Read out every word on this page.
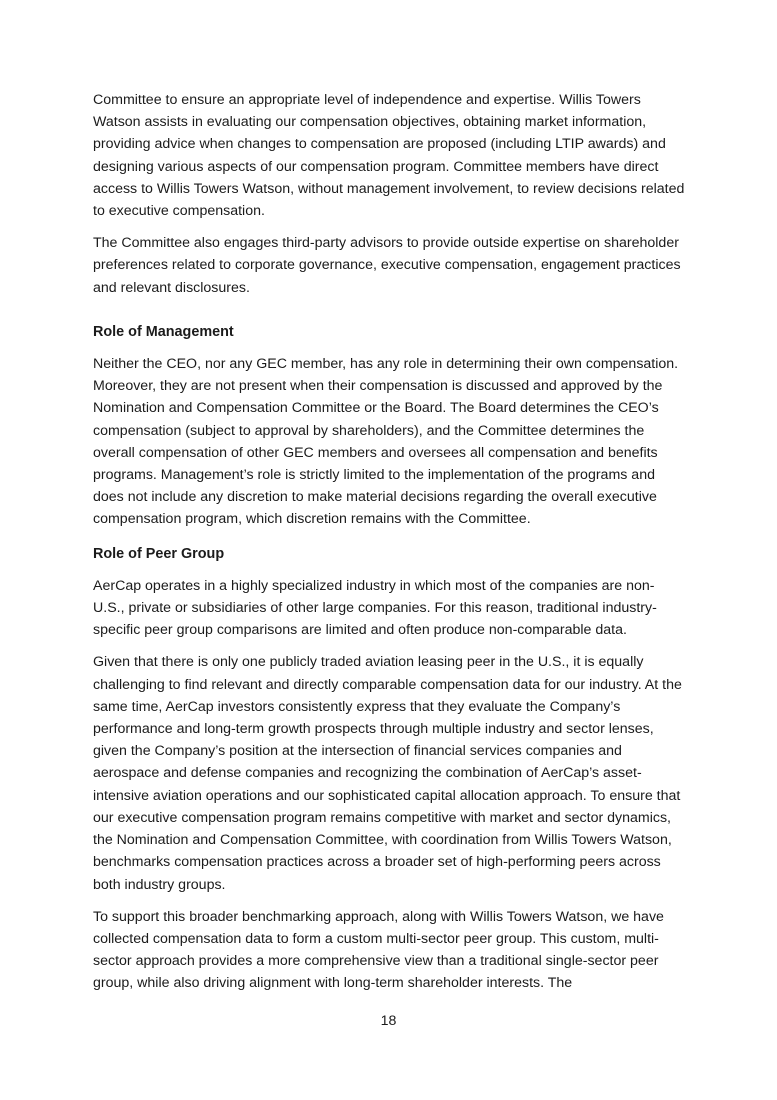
Committee to ensure an appropriate level of independence and expertise. Willis Towers Watson assists in evaluating our compensation objectives, obtaining market information, providing advice when changes to compensation are proposed (including LTIP awards) and designing various aspects of our compensation program. Committee members have direct access to Willis Towers Watson, without management involvement, to review decisions related to executive compensation.

The Committee also engages third-party advisors to provide outside expertise on shareholder preferences related to corporate governance, executive compensation, engagement practices and relevant disclosures.

Role of Management

Neither the CEO, nor any GEC member, has any role in determining their own compensation. Moreover, they are not present when their compensation is discussed and approved by the Nomination and Compensation Committee or the Board. The Board determines the CEO’s compensation (subject to approval by shareholders), and the Committee determines the overall compensation of other GEC members and oversees all compensation and benefits programs. Management’s role is strictly limited to the implementation of the programs and does not include any discretion to make material decisions regarding the overall executive compensation program, which discretion remains with the Committee.

Role of Peer Group

AerCap operates in a highly specialized industry in which most of the companies are non-U.S., private or subsidiaries of other large companies. For this reason, traditional industry-specific peer group comparisons are limited and often produce non-comparable data.

Given that there is only one publicly traded aviation leasing peer in the U.S., it is equally challenging to find relevant and directly comparable compensation data for our industry. At the same time, AerCap investors consistently express that they evaluate the Company’s performance and long-term growth prospects through multiple industry and sector lenses, given the Company’s position at the intersection of financial services companies and aerospace and defense companies and recognizing the combination of AerCap’s asset-intensive aviation operations and our sophisticated capital allocation approach. To ensure that our executive compensation program remains competitive with market and sector dynamics, the Nomination and Compensation Committee, with coordination from Willis Towers Watson, benchmarks compensation practices across a broader set of high-performing peers across both industry groups.

To support this broader benchmarking approach, along with Willis Towers Watson, we have collected compensation data to form a custom multi-sector peer group. This custom, multi-sector approach provides a more comprehensive view than a traditional single-sector peer group, while also driving alignment with long-term shareholder interests. The

18
